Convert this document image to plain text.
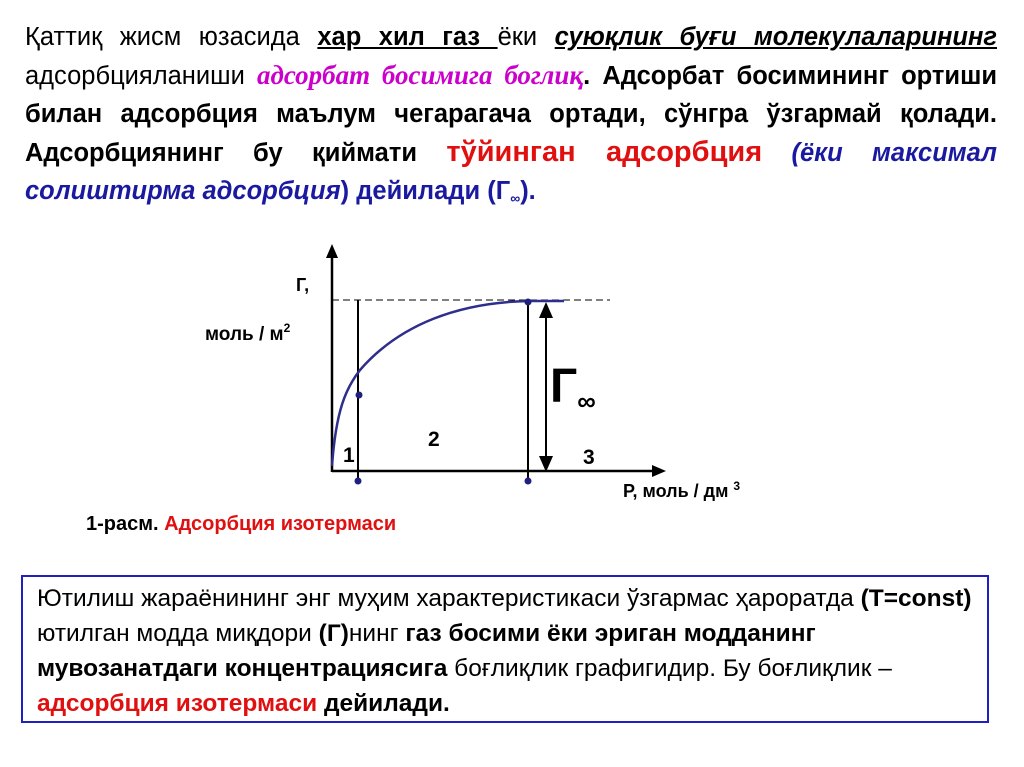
Қаттиқ жисм юзасида хар хил газ ёки суюқлик буғи молекулаларининг адсорбцияланиши адсорбат босимига боглиқ. Адсорбат босимининг ортиши билан адсорбция маълум чегарагача ортади, сўнгра ўзгармай қолади. Адсорбциянинг бу қиймати тўйинган адсорбция (ёки максимал солиштирма адсорбция) дейилади $(Г_\infty)$.
Г,
моль / $м^2$
Р, моль / дм $^3$
Г∞
1
2
3
1-расм. Адсорбция изотермаси
Ютилиш жараёнининг энг муҳим характеристикаси ўзгармас ҳароратда (Т=const) ютилган модда миқдори (Г)нинг газ босими ёки эриган модданинг мувозанатдаги концентрациясига боғлиқлик графигидир. Бу боғлиқлик – адсорбция изотермаси дейилади.
